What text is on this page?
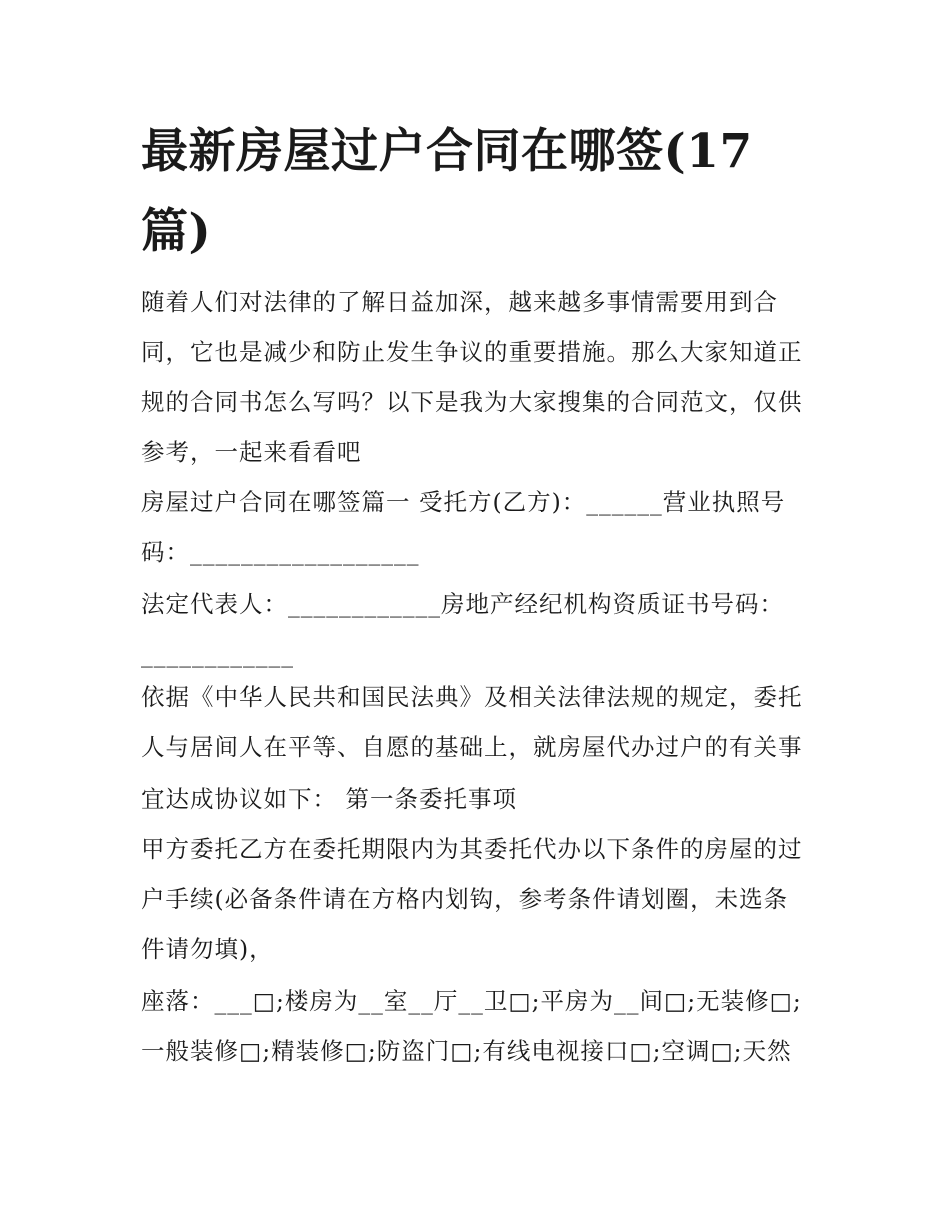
最新房屋过户合同在哪签(17
篇)

随着人们对法律的了解日益加深，越来越多事情需要用到合

同，它也是减少和防止发生争议的重要措施。那么大家知道正

规的合同书怎么写吗？以下是我为大家搜集的合同范文，仅供

参考，一起来看看吧

房屋过户合同在哪签篇一 受托方(乙方)：______营业执照号

码：__________________

法定代表人：____________房地产经纪机构资质证书号码：

____________

依据《中华人民共和国民法典》及相关法律法规的规定，委托

人与居间人在平等、自愿的基础上，就房屋代办过户的有关事

宜达成协议如下： 第一条委托事项

甲方委托乙方在委托期限内为其委托代办以下条件的房屋的过

户手续(必备条件请在方格内划钩，参考条件请划圈，未选条

件请勿填)，

座落：___□;楼房为__室__厅__卫□;平房为__间□;无装修□;

一般装修□;精装修□;防盗门□;有线电视接口□;空调□;天然
